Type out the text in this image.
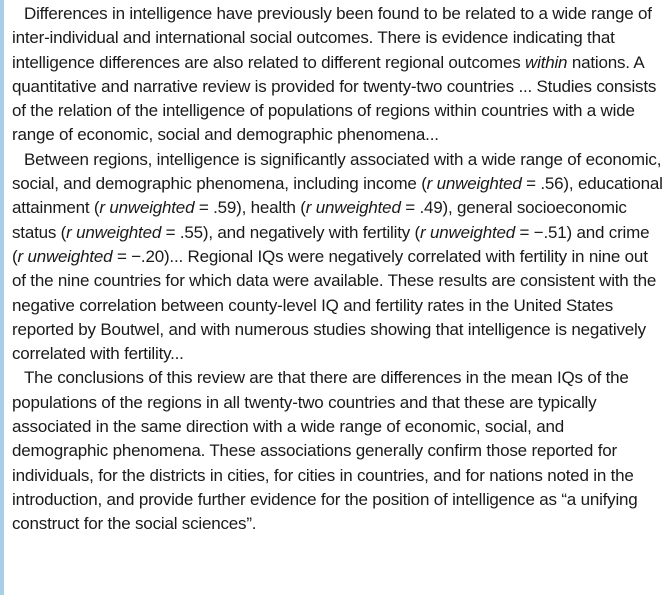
Differences in intelligence have previously been found to be related to a wide range of inter-individual and international social outcomes. There is evidence indicating that intelligence differences are also related to different regional outcomes within nations. A quantitative and narrative review is provided for twenty-two countries ... Studies consists of the relation of the intelligence of populations of regions within countries with a wide range of economic, social and demographic phenomena...

Between regions, intelligence is significantly associated with a wide range of economic, social, and demographic phenomena, including income (r unweighted = .56), educational attainment (r unweighted = .59), health (r unweighted = .49), general socioeconomic status (r unweighted = .55), and negatively with fertility (r unweighted = −.51) and crime (r unweighted = −.20)... Regional IQs were negatively correlated with fertility in nine out of the nine countries for which data were available. These results are consistent with the negative correlation between county-level IQ and fertility rates in the United States reported by Boutwel, and with numerous studies showing that intelligence is negatively correlated with fertility...

The conclusions of this review are that there are differences in the mean IQs of the populations of the regions in all twenty-two countries and that these are typically associated in the same direction with a wide range of economic, social, and demographic phenomena. These associations generally confirm those reported for individuals, for the districts in cities, for cities in countries, and for nations noted in the introduction, and provide further evidence for the position of intelligence as “a unifying construct for the social sciences”.
